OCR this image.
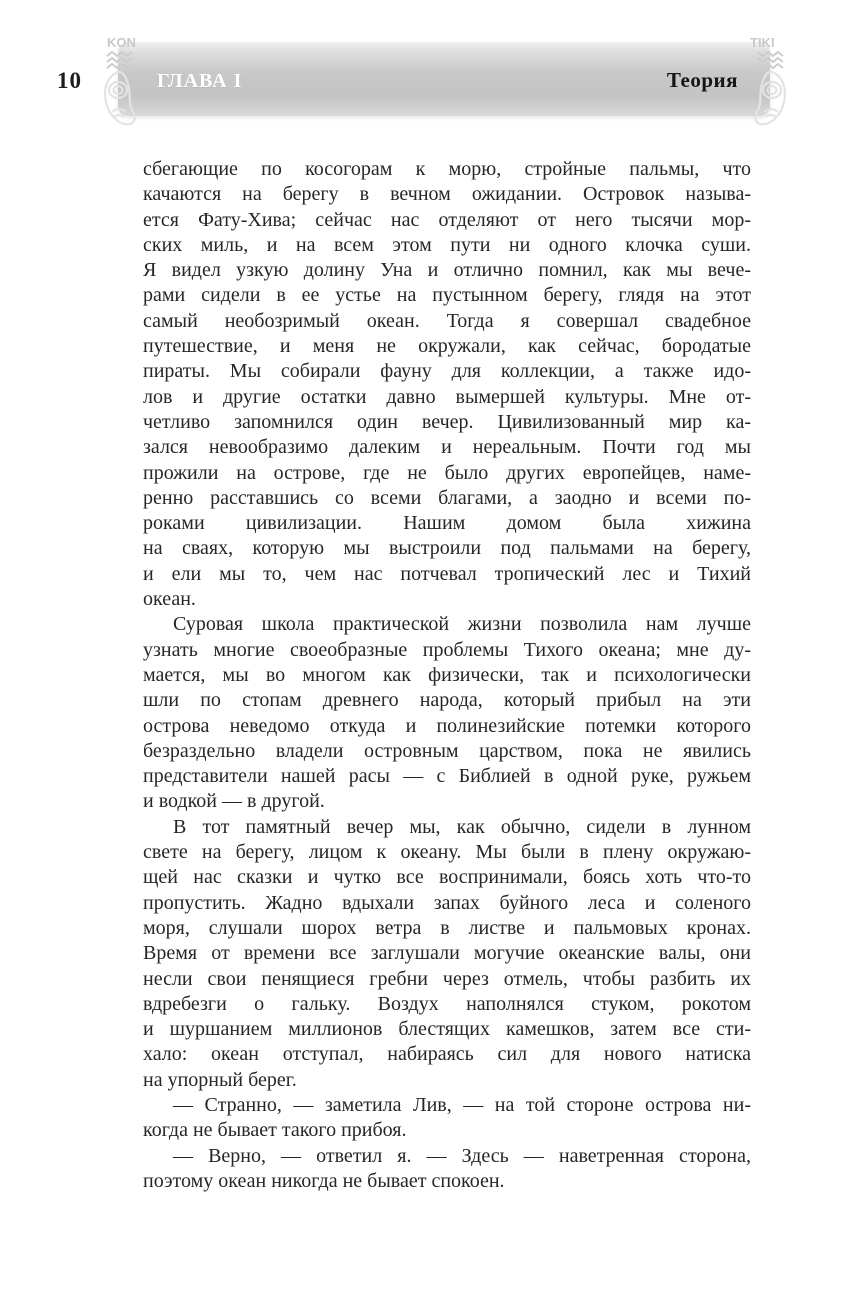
10
KON	TIKI
ГЛАВА I	Теория
сбегающие по косогорам к морю, стройные пальмы, что
качаются на берегу в вечном ожидании. Островок называ-
ется Фату-Хива; сейчас нас отделяют от него тысячи мор-
ских миль, и на всем этом пути ни одного клочка суши.
Я видел узкую долину Уна и отлично помнил, как мы вече-
рами сидели в ее устье на пустынном берегу, глядя на этот
самый необозримый океан. Тогда я совершал свадебное
путешествие, и меня не окружали, как сейчас, бородатые
пираты. Мы собирали фауну для коллекции, а также идо-
лов и другие остатки давно вымершей культуры. Мне от-
четливо запомнился один вечер. Цивилизованный мир ка-
зался невообразимо далеким и нереальным. Почти год мы
прожили на острове, где не было других европейцев, наме-
ренно расставшись со всеми благами, а заодно и всеми по-
роками цивилизации. Нашим домом была хижина
на сваях, которую мы выстроили под пальмами на берегу,
и ели мы то, чем нас потчевал тропический лес и Тихий
океан.
Суровая школа практической жизни позволила нам лучше
узнать многие своеобразные проблемы Тихого океана; мне ду-
мается, мы во многом как физически, так и психологически
шли по стопам древнего народа, который прибыл на эти
острова неведомо откуда и полинезийские потемки которого
безраздельно владели островным царством, пока не явились
представители нашей расы — с Библией в одной руке, ружьем
и водкой — в другой.
В тот памятный вечер мы, как обычно, сидели в лунном
свете на берегу, лицом к океану. Мы были в плену окружаю-
щей нас сказки и чутко все воспринимали, боясь хоть что-то
пропустить. Жадно вдыхали запах буйного леса и соленого
моря, слушали шорох ветра в листве и пальмовых кронах.
Время от времени все заглушали могучие океанские валы, они
несли свои пенящиеся гребни через отмель, чтобы разбить их
вдребезги о гальку. Воздух наполнялся стуком, рокотом
и шуршанием миллионов блестящих камешков, затем все сти-
хало: океан отступал, набираясь сил для нового натиска
на упорный берег.
— Странно, — заметила Лив, — на той стороне острова ни-
когда не бывает такого прибоя.
— Верно, — ответил я. — Здесь — наветренная сторона,
поэтому океан никогда не бывает спокоен.
